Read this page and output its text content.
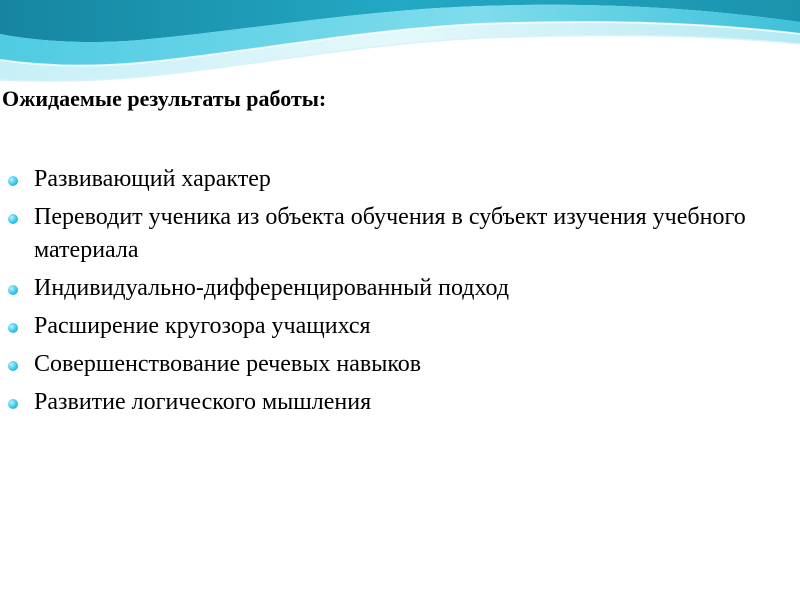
Ожидаемые результаты работы:
Развивающий характер
Переводит ученика из объекта обучения в субъект изучения учебного материала
Индивидуально-дифференцированный подход
Расширение кругозора учащихся
Совершенствование речевых навыков
Развитие логического мышления
